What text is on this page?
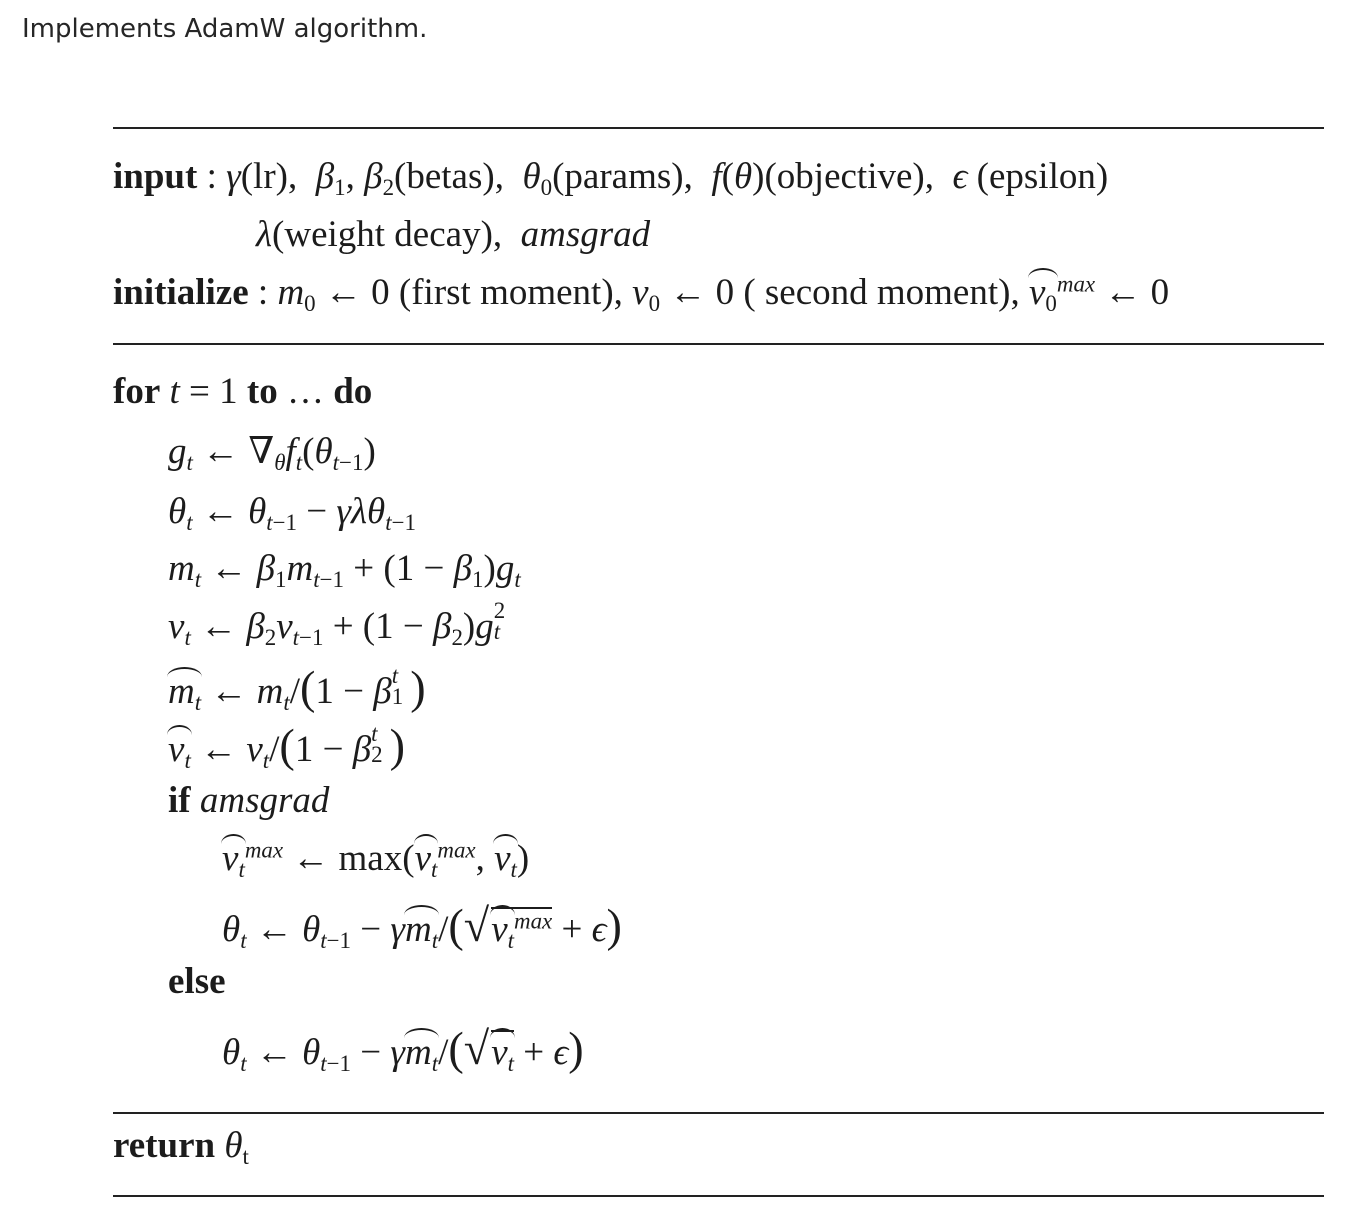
Implements AdamW algorithm.
input : γ(lr), $\beta_1$, $\beta_2(betas)$, $\theta_0(params)$, f(θ)(objective), ϵ (epsilon)
λ(weight decay), amsgrad
initialize : $m_0$ ← 0 (first moment), $v_0$ ← 0 ( second moment), $v_0^{max}$ ← 0
for t = 1 to … do
$g_t$ ← $\nabla_\theta f_t(\theta_{t-1})$
$\theta_t$ ← $\theta_{t-1} - \gamma\lambda\theta_{t-1}$
$m_t$ ← $\beta_1m_{t-1} + (1 - \beta_1)g_t$
$v_t$ ← $\beta_2v_{t-1} + (1 - \beta_2)g$ 2
t

$m_t$ ← $m_t/(1 - \beta$ t
1 )
$v_t$ ← $v_t/(1 - \beta$ t
2 )
if amsgrad
$v_t^{max}$ ← $\max(v_t^{max}$, $v_t$)
$\theta_t$ ← $\theta_{t-1} - \gamma m_t/(√v_t^{max} + \epsilon)$
else
$\theta_t$ ← $\theta_{t-1} - \gamma m_t/(√v_t + \epsilon)$
return $\theta_t$
